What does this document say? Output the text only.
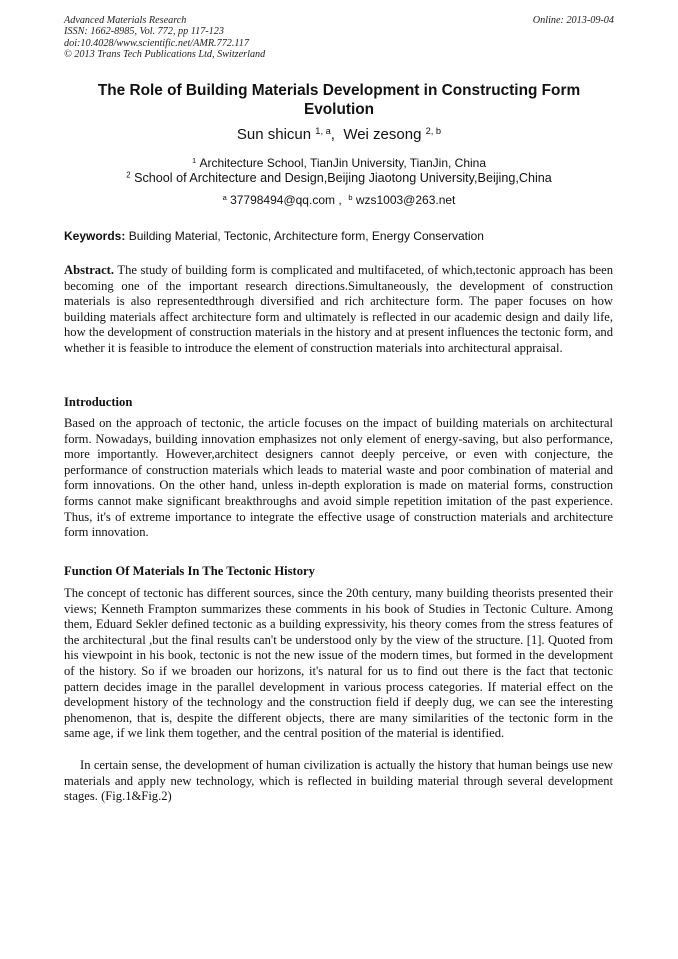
Advanced Materials Research
ISSN: 1662-8985, Vol. 772, pp 117-123
doi:10.4028/www.scientific.net/AMR.772.117
© 2013 Trans Tech Publications Ltd, Switzerland
Online: 2013-09-04
The Role of Building Materials Development in Constructing Form Evolution
Sun shicun $^{1, a}$,  Wei zesong $^{2, b}$
$^1$ Architecture School, TianJin University, TianJin, China
$^2$ School of Architecture and Design,Beijing Jiaotong University,Beijing,China
$^a$ 37798494@qq.com , $^b$ wzs1003@263.net
Keywords: Building Material, Tectonic, Architecture form, Energy Conservation

Abstract. The study of building form is complicated and multifaceted, of which,tectonic approach has been becoming one of the important research directions.Simultaneously, the development of construction materials is also representedthrough diversified and rich architecture form. The paper focuses on how building materials affect architecture form and ultimately is reflected in our academic design and daily life, how the development of construction materials in the history and at present influences the tectonic form, and whether it is feasible to introduce the element of construction materials into architectural appraisal.

Introduction

Based on the approach of tectonic, the article focuses on the impact of building materials on architectural form. Nowadays, building innovation emphasizes not only element of energy-saving, but also performance, more importantly. However,architect designers cannot deeply perceive, or even with conjecture, the performance of construction materials which leads to material waste and poor combination of material and form innovations. On the other hand, unless in-depth exploration is made on material forms, construction forms cannot make significant breakthroughs and avoid simple repetition imitation of the past experience. Thus, it's of extreme importance to integrate the effective usage of construction materials and architecture form innovation.

Function Of Materials In The Tectonic History

The concept of tectonic has different sources, since the 20th century, many building theorists presented their views; Kenneth Frampton summarizes these comments in his book of Studies in Tectonic Culture. Among them, Eduard Sekler defined tectonic as a building expressivity, his theory comes from the stress features of the architectural ,but the final results can't be understood only by the view of the structure. [1]. Quoted from his viewpoint in his book, tectonic is not the new issue of the modern times, but formed in the development of the history. So if we broaden our horizons, it's natural for us to find out there is the fact that tectonic pattern decides image in the parallel development in various process categories. If material effect on the development history of the technology and the construction field if deeply dug, we can see the interesting phenomenon, that is, despite the different objects, there are many similarities of the tectonic form in the same age, if we link them together, and the central position of the material is identified.

In certain sense, the development of human civilization is actually the history that human beings use new materials and apply new technology, which is reflected in building material through several development stages. (Fig.1&Fig.2)
